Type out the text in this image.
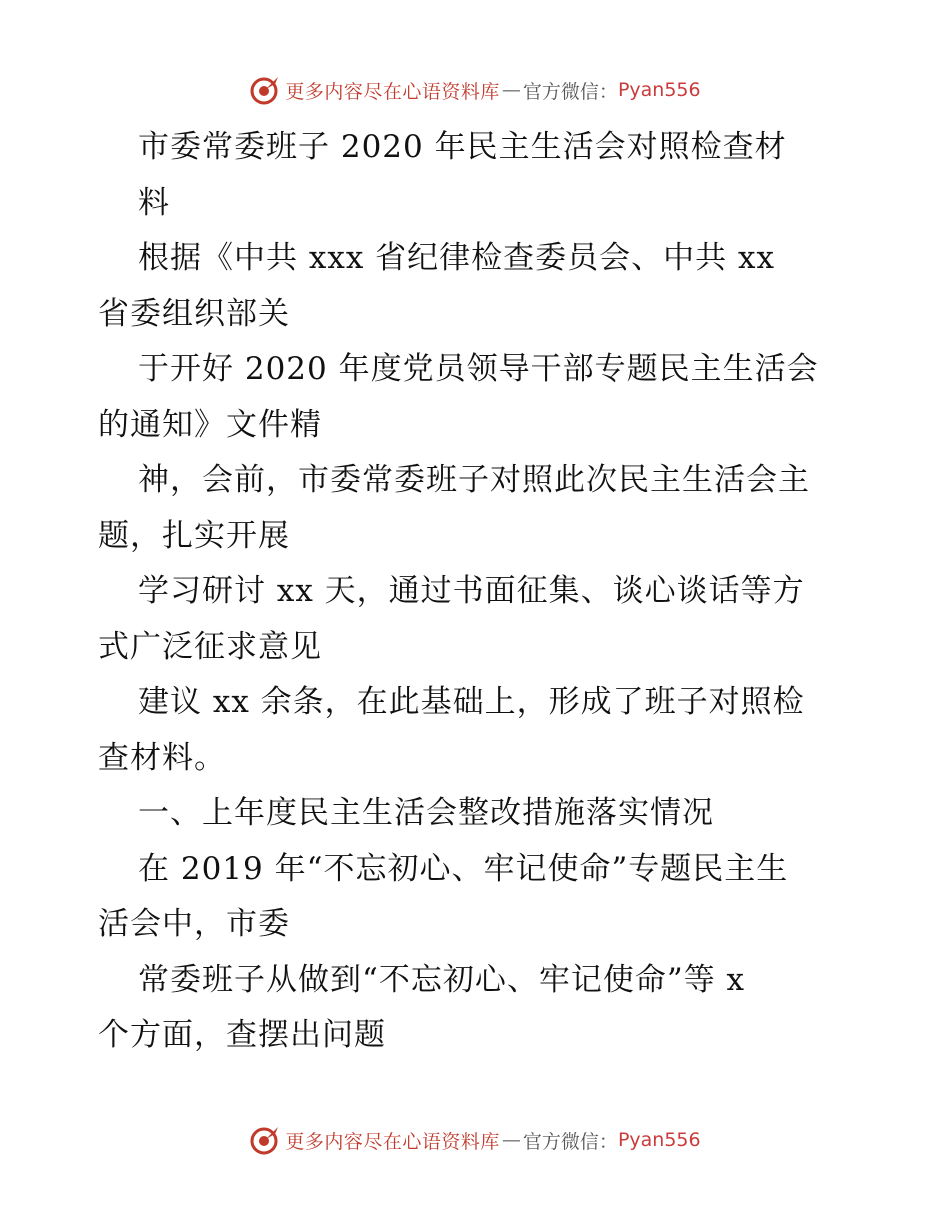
更多内容尽在心语资料库 — 官方微信： Pyan556
市委常委班子 2020 年民主生活会对照检查材
料
根据《中共 xxx 省纪律检查委员会、中共 xx
省委组织部关
于开好 2020 年度党员领导干部专题民主生活会
的通知》文件精
神，会前，市委常委班子对照此次民主生活会主
题，扎实开展
学习研讨 xx 天，通过书面征集、谈心谈话等方
式广泛征求意见
建议 xx 余条，在此基础上，形成了班子对照检
查材料。
一、上年度民主生活会整改措施落实情况
在 2019 年“不忘初心、牢记使命”专题民主生
活会中，市委
常委班子从做到“不忘初心、牢记使命”等 x
个方面，查摆出问题
更多内容尽在心语资料库 — 官方微信： Pyan556
